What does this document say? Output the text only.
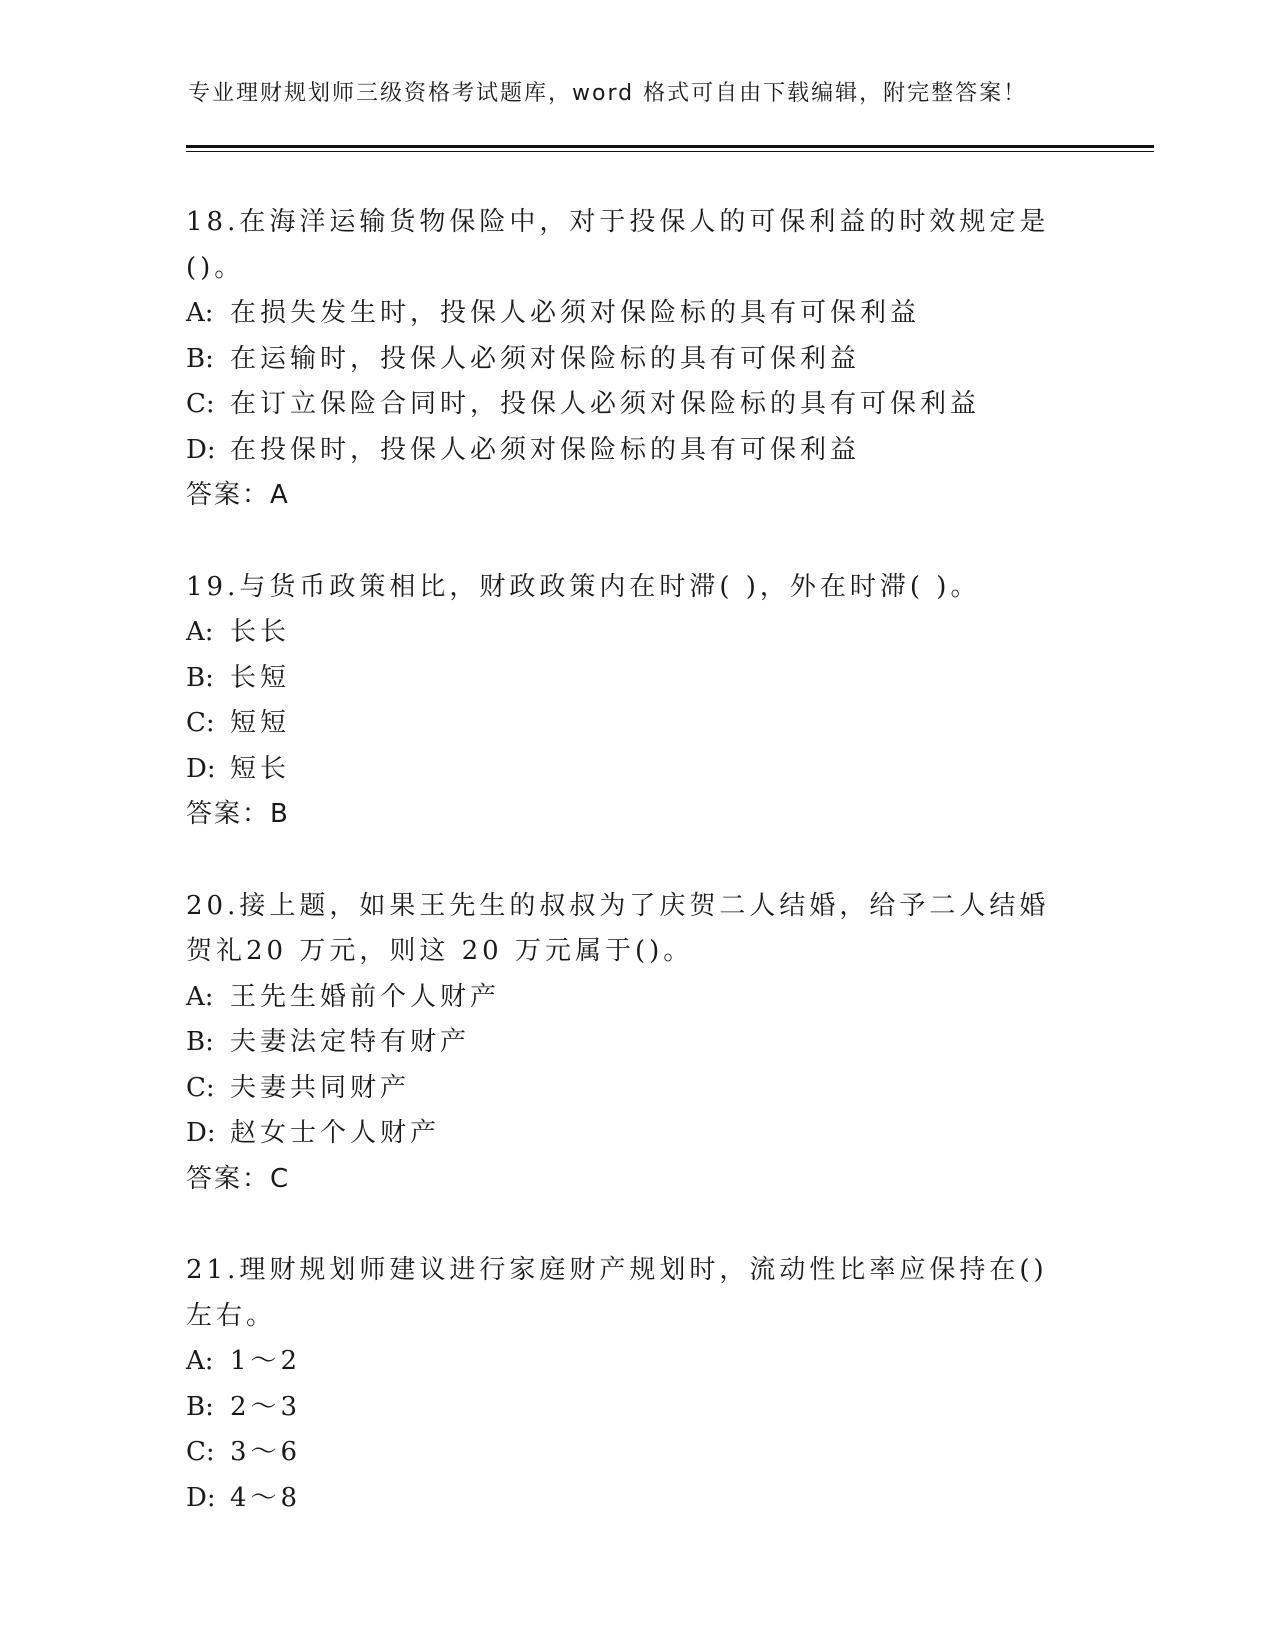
专业理财规划师三级资格考试题库，word 格式可自由下载编辑，附完整答案！
18.在海洋运输货物保险中，对于投保人的可保利益的时效规定是()。
A: 在损失发生时，投保人必须对保险标的具有可保利益
B: 在运输时，投保人必须对保险标的具有可保利益
C: 在订立保险合同时，投保人必须对保险标的具有可保利益
D: 在投保时，投保人必须对保险标的具有可保利益
答案：A
19.与货币政策相比，财政政策内在时滞( )，外在时滞( )。
A: 长长
B: 长短
C: 短短
D: 短长
答案：B
20.接上题，如果王先生的叔叔为了庆贺二人结婚，给予二人结婚贺礼20 万元，则这 20 万元属于()。
A: 王先生婚前个人财产
B: 夫妻法定特有财产
C: 夫妻共同财产
D: 赵女士个人财产
答案：C
21.理财规划师建议进行家庭财产规划时，流动性比率应保持在()左右。
A: 1～2
B: 2～3
C: 3～6
D: 4～8
